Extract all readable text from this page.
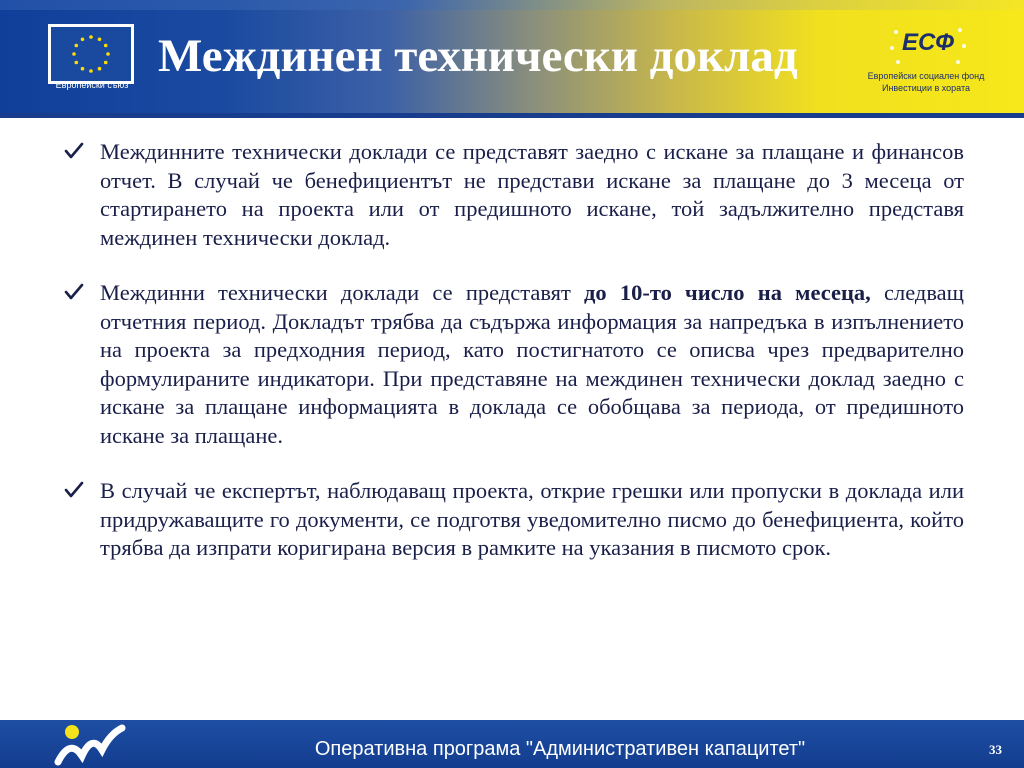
Европейски съюз
Междинен технически доклад	ЕСФ
Европейски социален фонд
Инвестиции в хората

Междинните технически доклади се представят заедно с искане за плащане и финансов отчет. В случай че бенефициентът не представи искане за плащане до 3 месеца от стартирането на проекта или от предишното искане, той задължително представя междинен технически доклад.

Междинни технически доклади се представят до 10-то число на месеца, следващ отчетния период. Докладът трябва да съдържа информация за напредъка в изпълнението на проекта за предходния период, като постигнатото се описва чрез предварително формулираните индикатори. При представяне на междинен технически доклад заедно с искане за плащане информацията в доклада се обобщава за периода, от предишното искане за плащане.

В случай че експертът, наблюдаващ проекта, открие грешки или пропуски в доклада или придружаващите го документи, се подготвя уведомително писмо до бенефициента, който трябва да изпрати коригирана версия в рамките на указания в писмото срок.

Оперативна програма "Административен капацитет"	33
